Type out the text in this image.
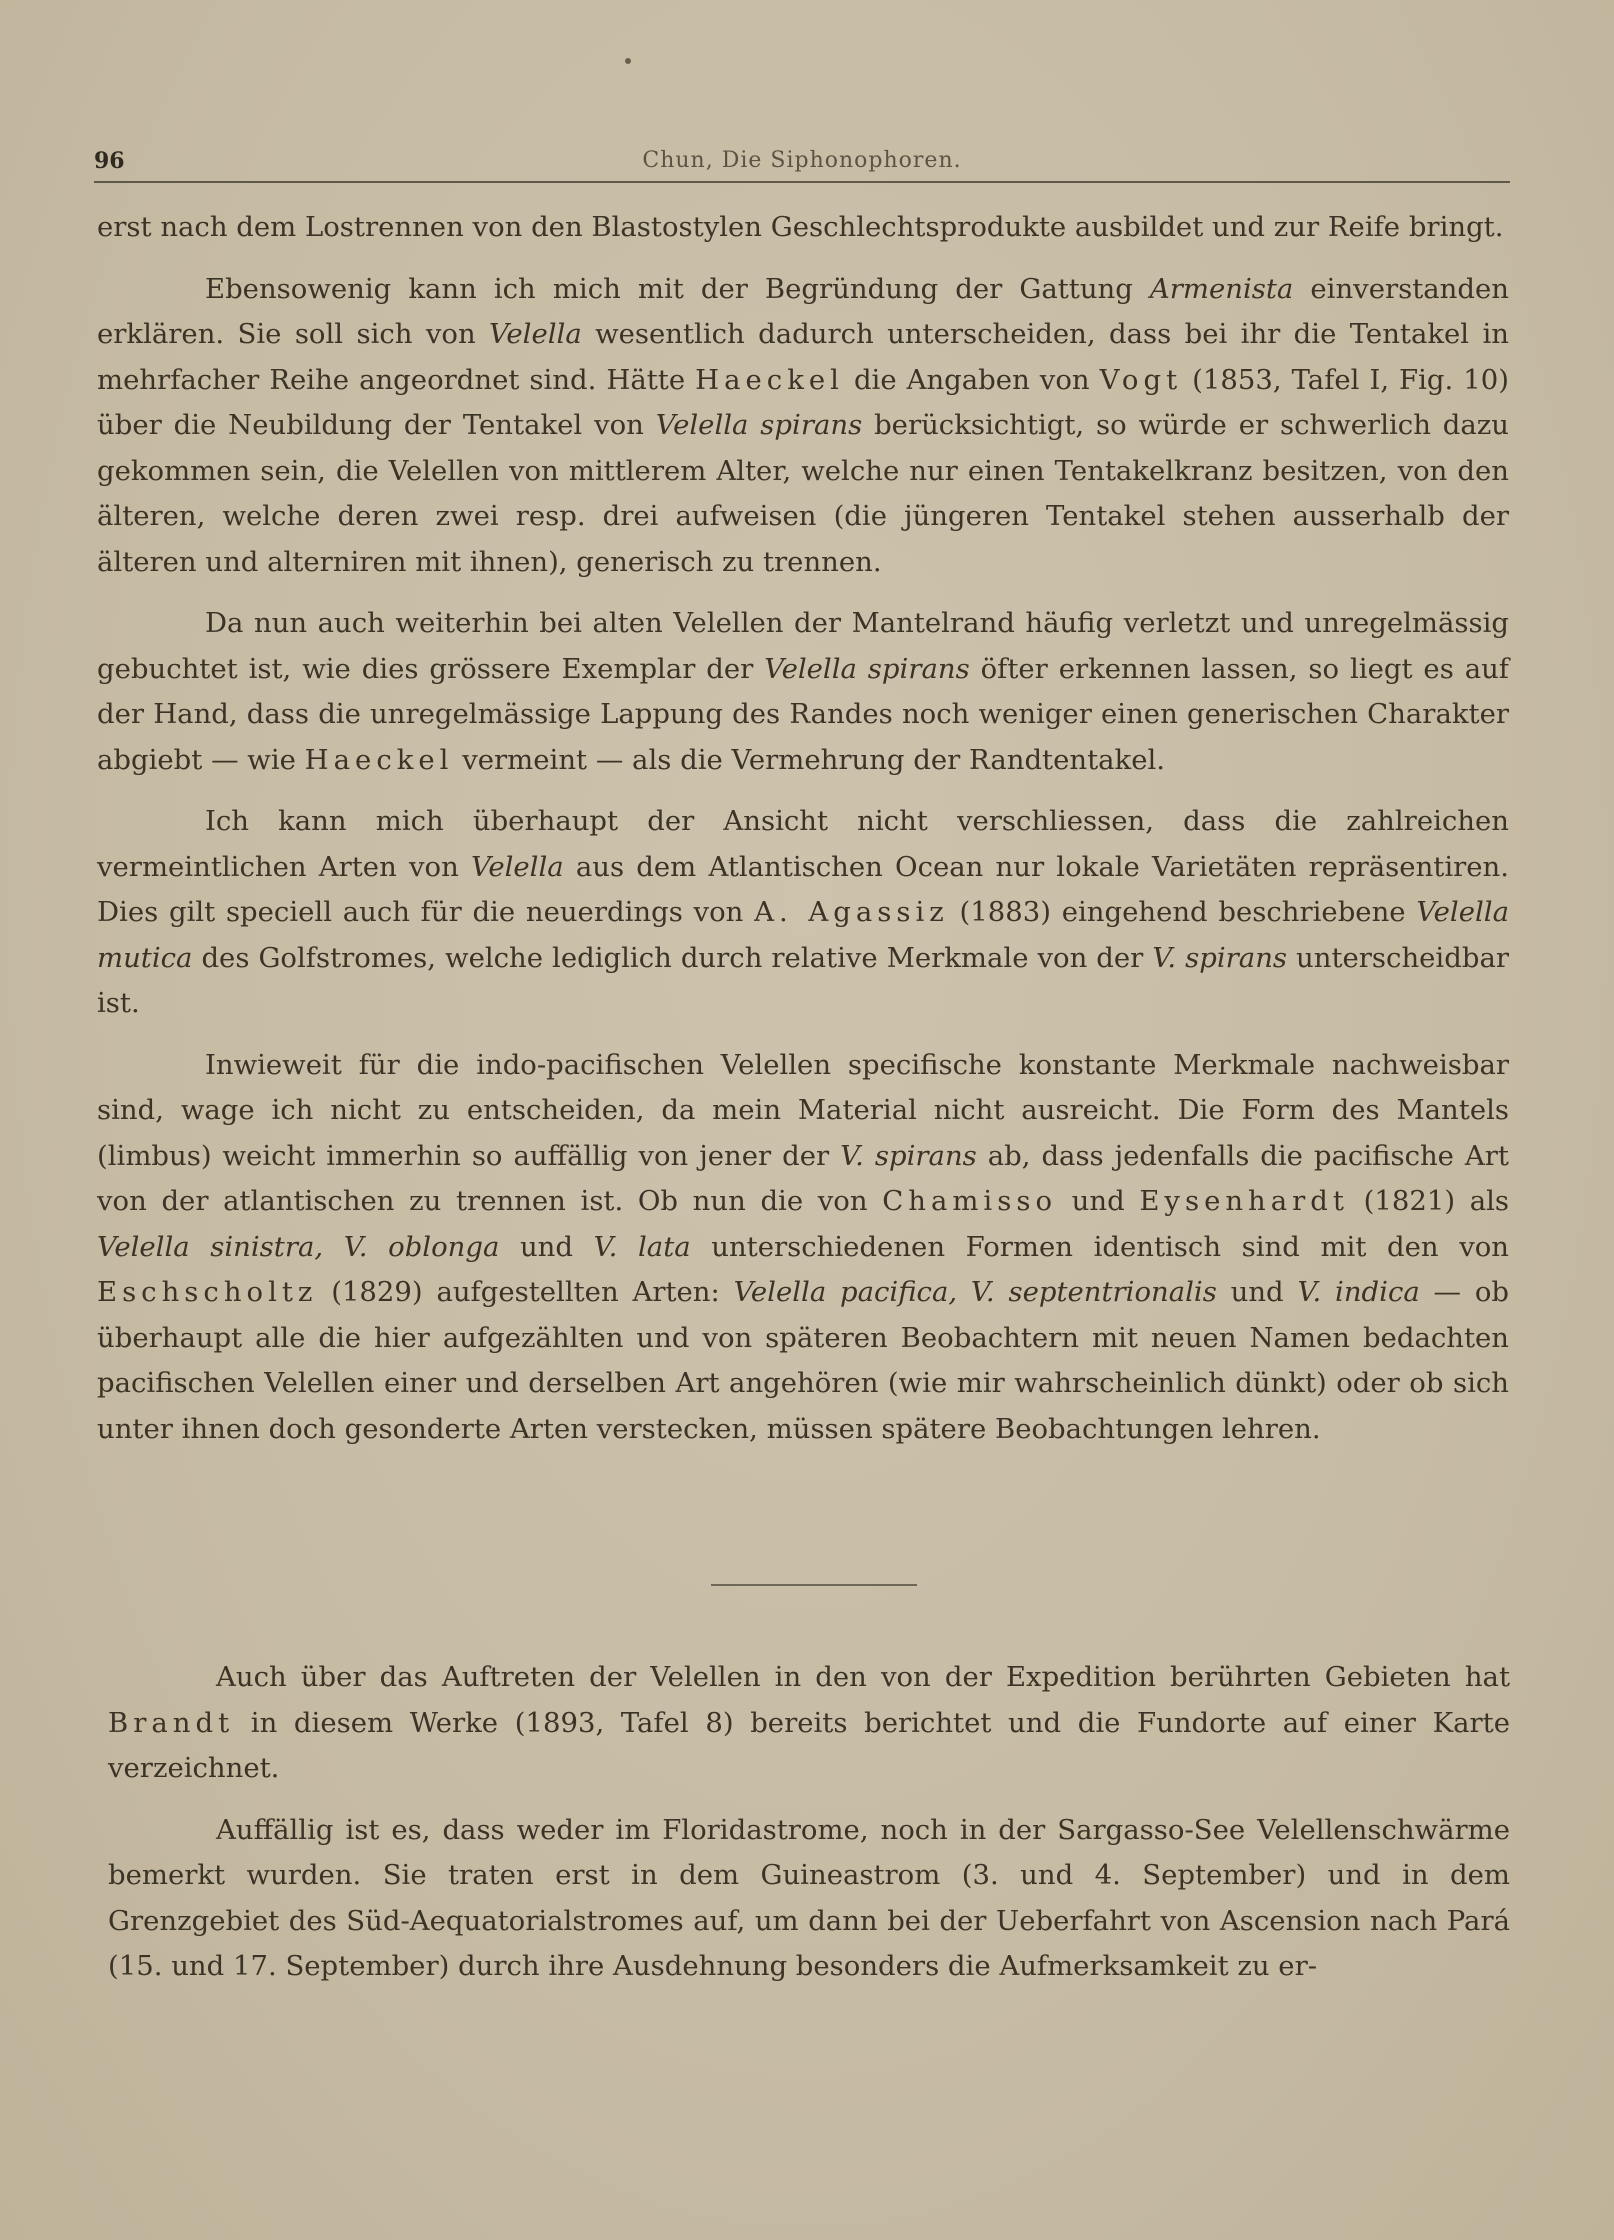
96	Chun, Die Siphonophoren.

erst nach dem Lostrennen von den Blastostylen Geschlechtsprodukte ausbildet und zur Reife bringt.

Ebensowenig kann ich mich mit der Begründung der Gattung Armenista einverstanden erklären. Sie soll sich von Velella wesentlich dadurch unterscheiden, dass bei ihr die Tentakel in mehrfacher Reihe angeordnet sind. Hätte Haeckel die Angaben von Vogt (1853, Tafel I, Fig. 10) über die Neubildung der Tentakel von Velella spirans berücksichtigt, so würde er schwerlich dazu gekommen sein, die Velellen von mittlerem Alter, welche nur einen Tentakelkranz besitzen, von den älteren, welche deren zwei resp. drei aufweisen (die jüngeren Tentakel stehen ausserhalb der älteren und alterniren mit ihnen), generisch zu trennen.

Da nun auch weiterhin bei alten Velellen der Mantelrand häufig verletzt und unregelmässig gebuchtet ist, wie dies grössere Exemplar der Velella spirans öfter erkennen lassen, so liegt es auf der Hand, dass die unregelmässige Lappung des Randes noch weniger einen generischen Charakter abgiebt — wie Haeckel vermeint — als die Vermehrung der Randtentakel.

Ich kann mich überhaupt der Ansicht nicht verschliessen, dass die zahlreichen vermeintlichen Arten von Velella aus dem Atlantischen Ocean nur lokale Varietäten repräsentiren. Dies gilt speciell auch für die neuerdings von A. Agassiz (1883) eingehend beschriebene Velella mutica des Golfstromes, welche lediglich durch relative Merkmale von der V. spirans unterscheidbar ist.

Inwieweit für die indo-pacifischen Velellen specifische konstante Merkmale nachweisbar sind, wage ich nicht zu entscheiden, da mein Material nicht ausreicht. Die Form des Mantels (limbus) weicht immerhin so auffällig von jener der V. spirans ab, dass jedenfalls die pacifische Art von der atlantischen zu trennen ist. Ob nun die von Chamisso und Eysenhardt (1821) als Velella sinistra, V. oblonga und V. lata unterschiedenen Formen identisch sind mit den von Eschscholtz (1829) aufgestellten Arten: Velella pacifica, V. septentrionalis und V. indica — ob überhaupt alle die hier aufgezählten und von späteren Beobachtern mit neuen Namen bedachten pacifischen Velellen einer und derselben Art angehören (wie mir wahrscheinlich dünkt) oder ob sich unter ihnen doch gesonderte Arten verstecken, müssen spätere Beobachtungen lehren.

Auch über das Auftreten der Velellen in den von der Expedition berührten Gebieten hat Brandt in diesem Werke (1893, Tafel 8) bereits berichtet und die Fundorte auf einer Karte verzeichnet.

Auffällig ist es, dass weder im Floridastrome, noch in der Sargasso-See Velellenschwärme bemerkt wurden. Sie traten erst in dem Guineastrom (3. und 4. September) und in dem Grenzgebiet des Süd-Aequatorialstromes auf, um dann bei der Ueberfahrt von Ascension nach Pará (15. und 17. September) durch ihre Ausdehnung besonders die Aufmerksamkeit zu er-
